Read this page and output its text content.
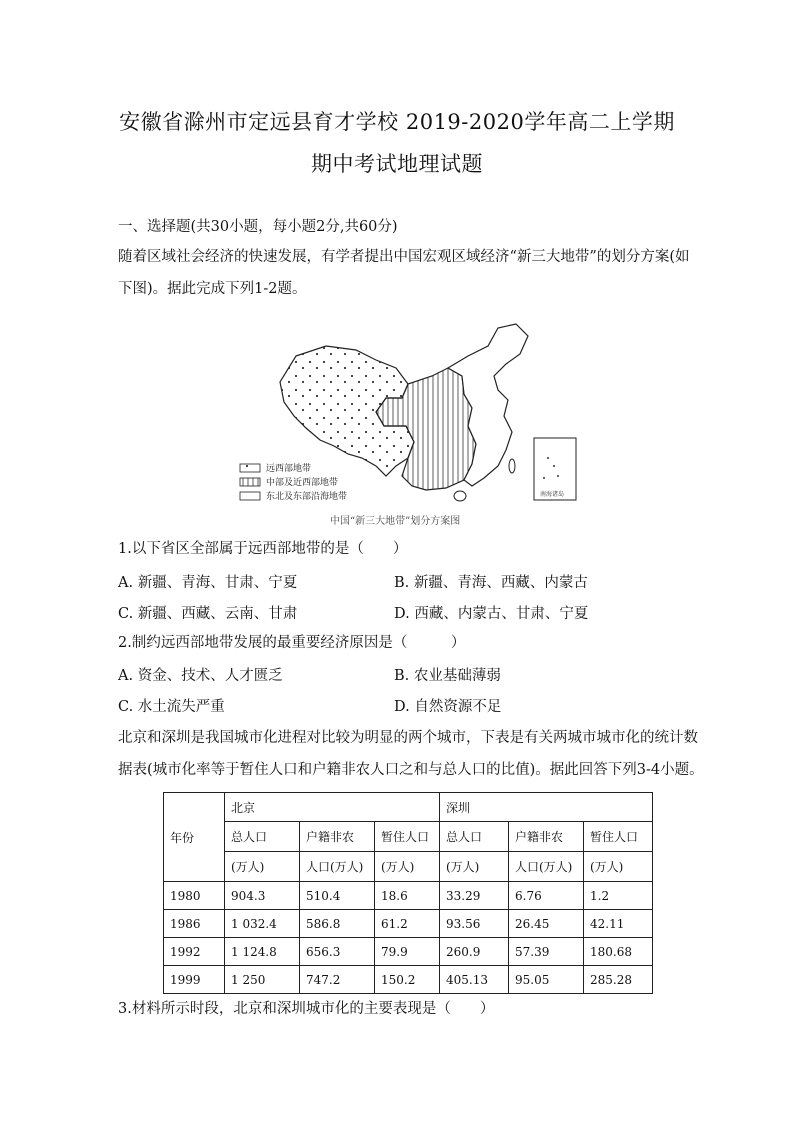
安徽省滁州市定远县育才学校 2019-2020学年高二上学期
期中考试地理试题
一、选择题(共30小题，每小题2分,共60分)
随着区域社会经济的快速发展，有学者提出中国宏观区域经济“新三大地带”的划分方案(如
下图)。据此完成下列1-2题。
南海诸岛
远西部地带
中部及近西部地带
东北及东部沿海地带
中国“新三大地带”划分方案图
1.以下省区全部属于远西部地带的是（　　）
A. 新疆、青海、甘肃、宁夏	B. 新疆、青海、西藏、内蒙古
C. 新疆、西藏、云南、甘肃	D. 西藏、内蒙古、甘肃、宁夏
2.制约远西部地带发展的最重要经济原因是（　　　）
A. 资金、技术、人才匮乏	B. 农业基础薄弱
C. 水土流失严重	D. 自然资源不足
北京和深圳是我国城市化进程对比较为明显的两个城市，下表是有关两城市城市化的统计数
据表(城市化率等于暂住人口和户籍非农人口之和与总人口的比值)。据此回答下列3-4小题。
年份	北京			深圳		
	总人口	户籍非农	暂住人口	总人口	户籍非农	暂住人口
	(万人)	人口(万人)	(万人)	(万人)	人口(万人)	(万人)
1980	904.3	510.4	18.6	33.29	6.76	1.2
1986	1 032.4	586.8	61.2	93.56	26.45	42.11
1992	1 124.8	656.3	79.9	260.9	57.39	180.68
1999	1 250	747.2	150.2	405.13	95.05	285.28
3.材料所示时段，北京和深圳城市化的主要表现是（　　）
